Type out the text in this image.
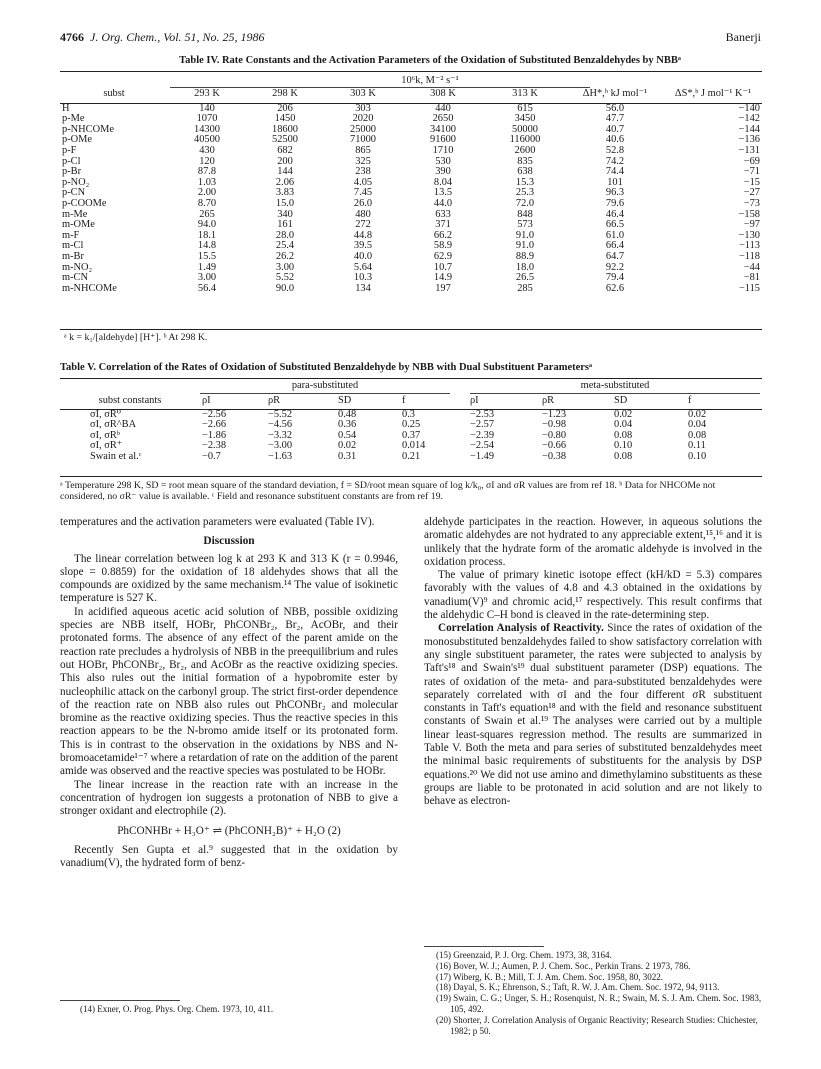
4766 J. Org. Chem., Vol. 51, No. 25, 1986	Banerji
Table IV. Rate Constants and the Activation Parameters of the Oxidation of Substituted Benzaldehydes by NBBᵃ
10⁶k, M⁻² s⁻¹
subst	293 K	298 K	303 K	308 K	313 K	ΔH*,ᵇ kJ mol⁻¹	ΔS*,ᵇ J mol⁻¹ K⁻¹

H	140	206	303	440	615	56.0	−140
p-Me	1070	1450	2020	2650	3450	47.7	−142
p-NHCOMe	14300	18600	25000	34100	50000	40.7	−144
p-OMe	40500	52500	71000	91600	116000	40.6	−136
p-F	430	682	865	1710	2600	52.8	−131
p-Cl	120	200	325	530	835	74.2	−69
p-Br	87.8	144	238	390	638	74.4	−71
p-NO₂	1.03	2.06	4.05	8.04	15.3	101	−15
p-CN	2.00	3.83	7.45	13.5	25.3	96.3	−27
p-COOMe	8.70	15.0	26.0	44.0	72.0	79.6	−73
m-Me	265	340	480	633	848	46.4	−158
m-OMe	94.0	161	272	371	573	66.5	−97
m-F	18.1	28.0	44.8	66.2	91.0	61.0	−130
m-Cl	14.8	25.4	39.5	58.9	91.0	66.4	−113
m-Br	15.5	26.2	40.0	62.9	88.9	64.7	−118
m-NO₂	1.49	3.00	5.64	10.7	18.0	92.2	−44
m-CN	3.00	5.52	10.3	14.9	26.5	79.4	−81
m-NHCOMe	56.4	90.0	134	197	285	62.6	−115
ᵃ k = k₁/[aldehyde] [H⁺]. ᵇ At 298 K.
Table V. Correlation of the Rates of Oxidation of Substituted Benzaldehyde by NBB with Dual Substituent Parametersᵃ
para-substituted	meta-substituted
subst constants	ρI	ρR	SD	f	ρI	ρR	SD	f

σI, σR⁰	−2.56	−5.52	0.48	0.3	−2.53	−1.23	0.02	0.02
σI, σR^BA	−2.66	−4.56	0.36	0.25	−2.57	−0.98	0.04	0.04
σI, σRᵇ	−1.86	−3.32	0.54	0.37	−2.39	−0.80	0.08	0.08
σI, σR⁺	−2.38	−3.00	0.02	0.014	−2.54	−0.66	0.10	0.11
Swain et al.ᶜ	−0.7	−1.63	0.31	0.21	−1.49	−0.38	0.08	0.10
ᵃ Temperature 298 K, SD = root mean square of the standard deviation, f = SD/root mean square of log k/k₀, σI and σR values are from ref 18. ᵇ Data for NHCOMe not considered, no σR⁻ value is available. ᶜ Field and resonance substituent constants are from ref 19.

temperatures and the activation parameters were evaluated (Table IV).

Discussion

The linear correlation between log k at 293 K and 313 K (r = 0.9946, slope = 0.8859) for the oxidation of 18 aldehydes shows that all the compounds are oxidized by the same mechanism.¹⁴ The value of isokinetic temperature is 527 K.

In acidified aqueous acetic acid solution of NBB, possible oxidizing species are NBB itself, HOBr, PhCONBr₂, Br₂, AcOBr, and their protonated forms. The absence of any effect of the parent amide on the reaction rate precludes a hydrolysis of NBB in the preequilibrium and rules out HOBr, PhCONBr₂, Br₂, and AcOBr as the reactive oxidizing species. This also rules out the initial formation of a hypobromite ester by nucleophilic attack on the carbonyl group. The strict first-order dependence of the reaction rate on NBB also rules out PhCONBr₂ and molecular bromine as the reactive oxidizing species. Thus the reactive species in this reaction appears to be the N-bromo amide itself or its protonated form. This is in contrast to the observation in the oxidations by NBS and N-bromoacetamide¹⁻⁷ where a retardation of rate on the addition of the parent amide was observed and the reactive species was postulated to be HOBr.

The linear increase in the reaction rate with an increase in the concentration of hydrogen ion suggests a protonation of NBB to give a stronger oxidant and electrophile (2).

PhCONHBr + H₃O⁺ ⇌ (PhCONH₂B)⁺ + H₂O (2)

Recently Sen Gupta et al.⁹ suggested that in the oxidation by vanadium(V), the hydrated form of benz-

(14) Exner, O. Prog. Phys. Org. Chem. 1973, 10, 411.

aldehyde participates in the reaction. However, in aqueous solutions the aromatic aldehydes are not hydrated to any appreciable extent,¹⁵,¹⁶ and it is unlikely that the hydrate form of the aromatic aldehyde is involved in the oxidation process.

The value of primary kinetic isotope effect (kH/kD = 5.3) compares favorably with the values of 4.8 and 4.3 obtained in the oxidations by vanadium(V)⁹ and chromic acid,¹⁷ respectively. This result confirms that the aldehydic C–H bond is cleaved in the rate-determining step.

Correlation Analysis of Reactivity. Since the rates of oxidation of the monosubstituted benzaldehydes failed to show satisfactory correlation with any single substituent parameter, the rates were subjected to analysis by Taft's¹⁸ and Swain's¹⁹ dual substituent parameter (DSP) equations. The rates of oxidation of the meta- and para-substituted benzaldehydes were separately correlated with σI and the four different σR substituent constants in Taft's equation¹⁸ and with the field and resonance substituent constants of Swain et al.¹⁹ The analyses were carried out by a multiple linear least-squares regression method. The results are summarized in Table V. Both the meta and para series of substituted benzaldehydes meet the minimal basic requirements of substituents for the analysis by DSP equations.²⁰ We did not use amino and dimethylamino substituents as these groups are liable to be protonated in acid solution and are not likely to behave as electron-

(15) Greenzaid, P. J. Org. Chem. 1973, 38, 3164.
(16) Bover, W. J.; Aumen, P. J. Chem. Soc., Perkin Trans. 2 1973, 786.
(17) Wiberg, K. B.; Mill, T. J. Am. Chem. Soc. 1958, 80, 3022.
(18) Dayal, S. K.; Ehrenson, S.; Taft, R. W. J. Am. Chem. Soc. 1972, 94, 9113.
(19) Swain, C. G.; Unger, S. H.; Rosenquist, N. R.; Swain, M. S. J. Am. Chem. Soc. 1983, 105, 492.
(20) Shorter, J. Correlation Analysis of Organic Reactivity; Research Studies: Chichester, 1982; p 50.
